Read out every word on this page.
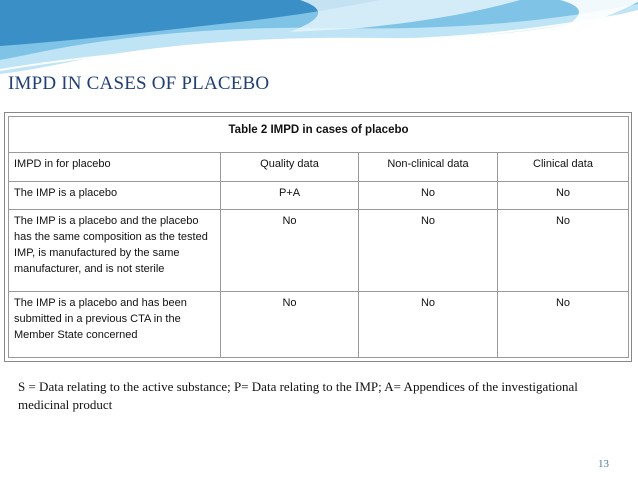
IMPD IN CASES OF PLACEBO
Table 2 IMPD in cases of placebo			
IMPD in for placebo	Quality data	Non-clinical data	Clinical data
The IMP is a placebo	P+A	No	No
The IMP is a placebo and the placebo has the same composition as the tested IMP, is manufactured by the same manufacturer, and is not sterile	No	No	No
The IMP is a placebo and has been submitted in a previous CTA in the Member State concerned	No	No	No
S = Data relating to the active substance; P= Data relating to the IMP; A= Appendices of the investigational medicinal product
13
